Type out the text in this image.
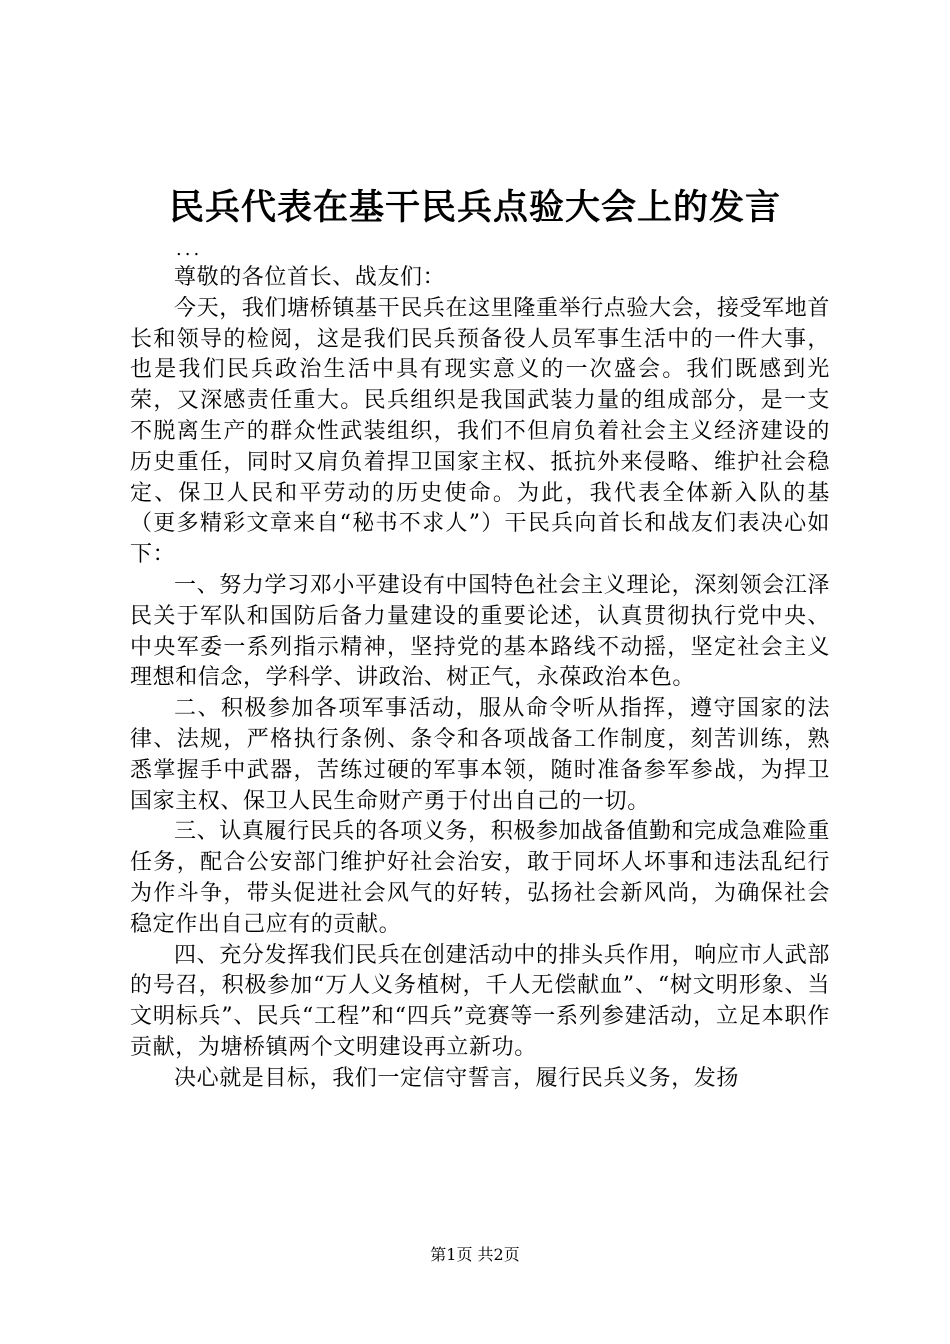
民兵代表在基干民兵点验大会上的发言
...

尊敬的各位首长、战友们：

今天，我们塘桥镇基干民兵在这里隆重举行点验大会，接受军地首长和领导的检阅，这是我们民兵预备役人员军事生活中的一件大事，也是我们民兵政治生活中具有现实意义的一次盛会。我们既感到光荣，又深感责任重大。民兵组织是我国武装力量的组成部分，是一支不脱离生产的群众性武装组织，我们不但肩负着社会主义经济建设的历史重任，同时又肩负着捍卫国家主权、抵抗外来侵略、维护社会稳定、保卫人民和平劳动的历史使命。为此，我代表全体新入队的基（更多精彩文章来自“秘书不求人”）干民兵向首长和战友们表决心如下：

一、努力学习邓小平建设有中国特色社会主义理论，深刻领会江泽民关于军队和国防后备力量建设的重要论述，认真贯彻执行党中央、中央军委一系列指示精神，坚持党的基本路线不动摇，坚定社会主义理想和信念，学科学、讲政治、树正气，永葆政治本色。

二、积极参加各项军事活动，服从命令听从指挥，遵守国家的法律、法规，严格执行条例、条令和各项战备工作制度，刻苦训练，熟悉掌握手中武器，苦练过硬的军事本领，随时准备参军参战，为捍卫国家主权、保卫人民生命财产勇于付出自己的一切。

三、认真履行民兵的各项义务，积极参加战备值勤和完成急难险重任务，配合公安部门维护好社会治安，敢于同坏人坏事和违法乱纪行为作斗争，带头促进社会风气的好转，弘扬社会新风尚，为确保社会稳定作出自己应有的贡献。

四、充分发挥我们民兵在创建活动中的排头兵作用，响应市人武部的号召，积极参加“万人义务植树，千人无偿献血”、“树文明形象、当文明标兵”、民兵“工程”和“四兵”竞赛等一系列参建活动，立足本职作贡献，为塘桥镇两个文明建设再立新功。

决心就是目标，我们一定信守誓言，履行民兵义务，发扬

第1页 共2页
